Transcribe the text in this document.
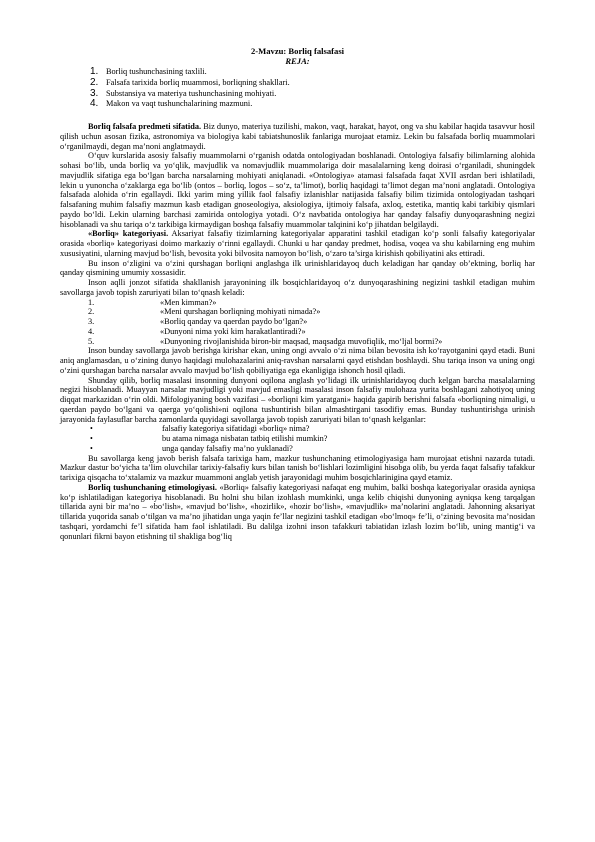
2-Mavzu: Borliq falsafasi
REJA:
1. Borliq tushunchasining taxlili.
2. Falsafa tarixida borliq muammosi, borliqning shakllari.
3. Substansiya va materiya tushunchasining mohiyati.
4. Makon va vaqt tushunchalarining mazmuni.

Borliq falsafa predmeti sifatida. Biz dunyo, materiya tuzilishi, makon, vaqt, harakat, hayot, ong va shu kabilar haqida tasavvur hosil qilish uchun asosan fizika, astronomiya va biologiya kabi tabiatshunoslik fanlariga murojaat etamiz. Lekin bu falsafada borliq muammolari o‘rganilmaydi, degan ma’noni anglatmaydi.

O‘quv kurslarida asosiy falsafiy muammolarni o‘rganish odatda ontologiyadan boshlanadi. Ontologiya falsafiy bilimlarning alohida sohasi bo‘lib, unda borliq va yo‘qlik, mavjudlik va nomavjudlik muammolariga doir masalalarning keng doirasi o‘rganiladi, shuningdek mavjudlik sifatiga ega bo‘lgan barcha narsalarning mohiyati aniqlanadi. «Ontologiya» atamasi falsafada faqat XVII asrdan beri ishlatiladi, lekin u yunoncha o‘zaklarga ega bo‘lib (ontos – borliq, logos – so‘z, ta’limot), borliq haqidagi ta’limot degan ma’noni anglatadi. Ontologiya falsafada alohida o‘rin egallaydi. Ikki yarim ming yillik faol falsafiy izlanishlar natijasida falsafiy bilim tizimida ontologiyadan tashqari falsafaning muhim falsafiy mazmun kasb etadigan gnoseologiya, aksiologiya, ijtimoiy falsafa, axloq, estetika, mantiq kabi tarkibiy qismlari paydo bo‘ldi. Lekin ularning barchasi zamirida ontologiya yotadi. O‘z navbatida ontologiya har qanday falsafiy dunyoqarashning negizi hisoblanadi va shu tariqa o‘z tarkibiga kirmaydigan boshqa falsafiy muammolar talqinini ko‘p jihatdan belgilaydi.

«Borliq» kategoriyasi. Aksariyat falsafiy tizimlarning kategoriyalar apparatini tashkil etadigan ko‘p sonli falsafiy kategoriyalar orasida «borliq» kategoriyasi doimo markaziy o‘rinni egallaydi. Chunki u har qanday predmet, hodisa, voqea va shu kabilarning eng muhim xususiyatini, ularning mavjud bo‘lish, bevosita yoki bilvosita namoyon bo‘lish, o‘zaro ta’sirga kirishish qobiliyatini aks ettiradi.

Bu inson o‘zligini va o‘zini qurshagan borliqni anglashga ilk urinishlaridayoq duch keladigan har qanday ob’ektning, borliq har qanday qismining umumiy xossasidir.

Inson aqlli jonzot sifatida shakllanish jarayonining ilk bosqichlaridayoq o‘z dunyoqarashining negizini tashkil etadigan muhim savollarga javob topish zaruriyati bilan to‘qnash keladi:

1.	«Men kimman?»
2.	«Meni qurshagan borliqning mohiyati nimada?»
3.	«Borliq qanday va qaerdan paydo bo‘lgan?»
4.	«Dunyoni nima yoki kim harakatlantiradi?»
5.	«Dunyoning rivojlanishida biron-bir maqsad, maqsadga muvofiqlik, mo‘ljal bormi?»

Inson bunday savollarga javob berishga kirishar ekan, uning ongi avvalo o‘zi nima bilan bevosita ish ko‘rayotganini qayd etadi. Buni aniq anglamasdan, u o‘zining dunyo haqidagi mulohazalarini aniq-ravshan narsalarni qayd etishdan boshlaydi. Shu tariqa inson va uning ongi o‘zini qurshagan barcha narsalar avvalo mavjud bo‘lish qobiliyatiga ega ekanligiga ishonch hosil qiladi.

Shunday qilib, borliq masalasi insonning dunyoni oqilona anglash yo‘lidagi ilk urinishlaridayoq duch kelgan barcha masalalarning negizi hisoblanadi. Muayyan narsalar mavjudligi yoki mavjud emasligi masalasi inson falsafiy mulohaza yurita boshlagani zahotiyoq uning diqqat markazidan o‘rin oldi. Mifologiyaning bosh vazifasi – «borliqni kim yaratgani» haqida gapirib berishni falsafa «borliqning nimaligi, u qaerdan paydo bo‘lgani va qaerga yo‘qolishi»ni oqilona tushuntirish bilan almashtirgani tasodifiy emas. Bunday tushuntirishga urinish jarayonida faylasuflar barcha zamonlarda quyidagi savollarga javob topish zaruriyati bilan to‘qnash kelganlar:

•	falsafiy kategoriya sifatidagi «borliq» nima?
•	bu atama nimaga nisbatan tatbiq etilishi mumkin?
•	unga qanday falsafiy ma’no yuklanadi?

Bu savollarga keng javob berish falsafa tarixiga ham, mazkur tushunchaning etimologiyasiga ham murojaat etishni nazarda tutadi. Mazkur dastur bo‘yicha ta’lim oluvchilar tarixiy-falsafiy kurs bilan tanish bo‘lishlari lozimligini hisobga olib, bu yerda faqat falsafiy tafakkur tarixiga qisqacha to‘xtalamiz va mazkur muammoni anglab yetish jarayonidagi muhim bosqichlarinigina qayd etamiz.

Borliq tushunchaning etimologiyasi. «Borliq» falsafiy kategoriyasi nafaqat eng muhim, balki boshqa kategoriyalar orasida ayniqsa ko‘p ishlatiladigan kategoriya hisoblanadi. Bu holni shu bilan izohlash mumkinki, unga kelib chiqishi dunyoning ayniqsa keng tarqalgan tillarida ayni bir ma’no – «bo‘lish», «mavjud bo‘lish», «hozirlik», «hozir bo‘lish», «mavjudlik» ma’nolarini anglatadi. Jahonning aksariyat tillarida yuqorida sanab o‘tilgan va ma’no jihatidan unga yaqin fe’llar negizini tashkil etadigan «bo‘lmoq» fe’li, o‘zining bevosita ma’nosidan tashqari, yordamchi fe’l sifatida ham faol ishlatiladi. Bu dalilga izohni inson tafakkuri tabiatidan izlash lozim bo‘lib, uning mantig‘i va qonunlari fikrni bayon etishning til shakliga bog‘liq
